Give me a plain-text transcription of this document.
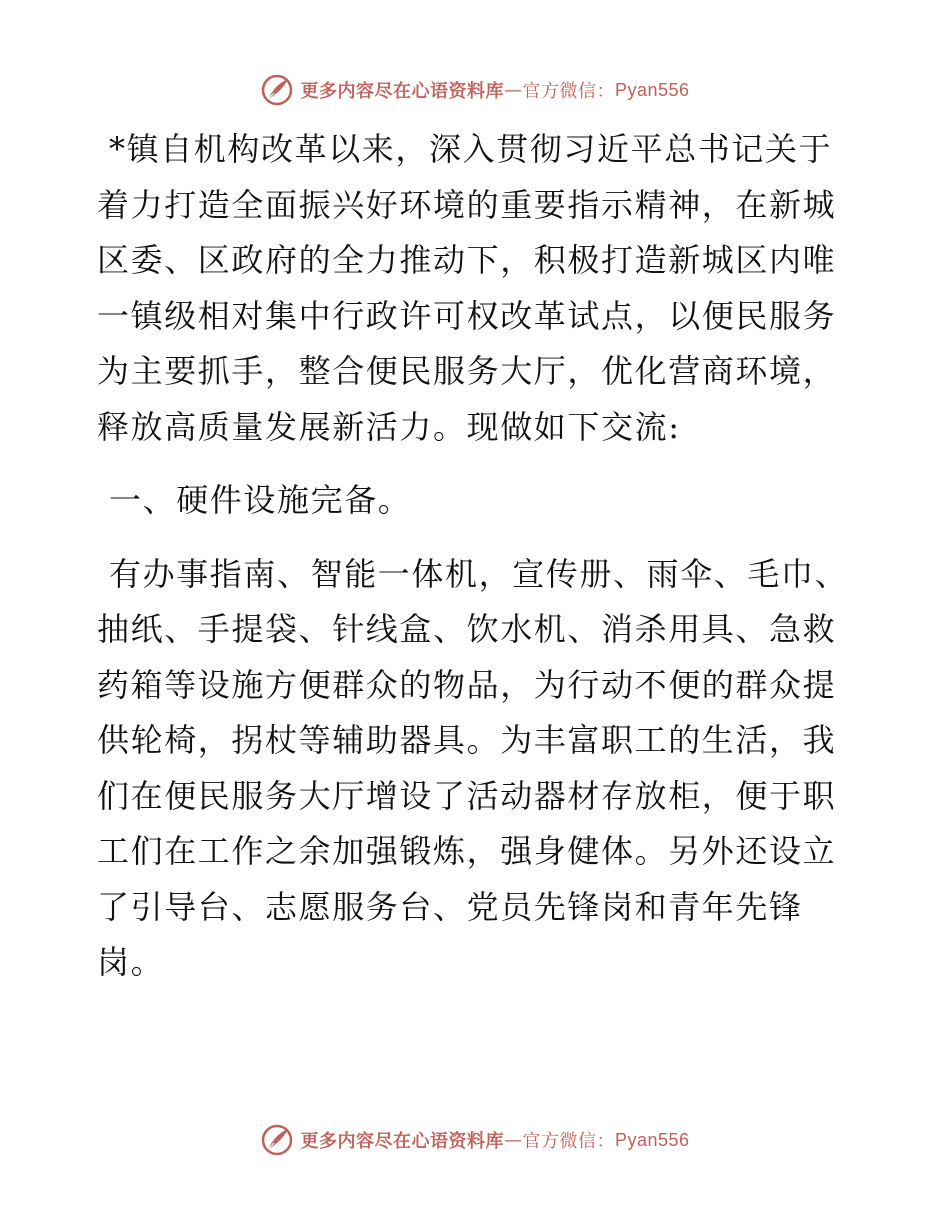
更多内容尽在心语资料库 — 官方微信： Pyan556

*镇自机构改革以来，深入贯彻习近平总书记关于着力打造全面振兴好环境的重要指示精神，在新城区委、区政府的全力推动下，积极打造新城区内唯一镇级相对集中行政许可权改革试点，以便民服务为主要抓手，整合便民服务大厅，优化营商环境，释放高质量发展新活力。现做如下交流:

一、硬件设施完备。

有办事指南、智能一体机，宣传册、雨伞、毛巾、抽纸、手提袋、针线盒、饮水机、消杀用具、急救药箱等设施方便群众的物品，为行动不便的群众提供轮椅，拐杖等辅助器具。为丰富职工的生活，我们在便民服务大厅增设了活动器材存放柜，便于职工们在工作之余加强锻炼，强身健体。另外还设立了引导台、志愿服务台、党员先锋岗和青年先锋岗。

更多内容尽在心语资料库 — 官方微信： Pyan556
